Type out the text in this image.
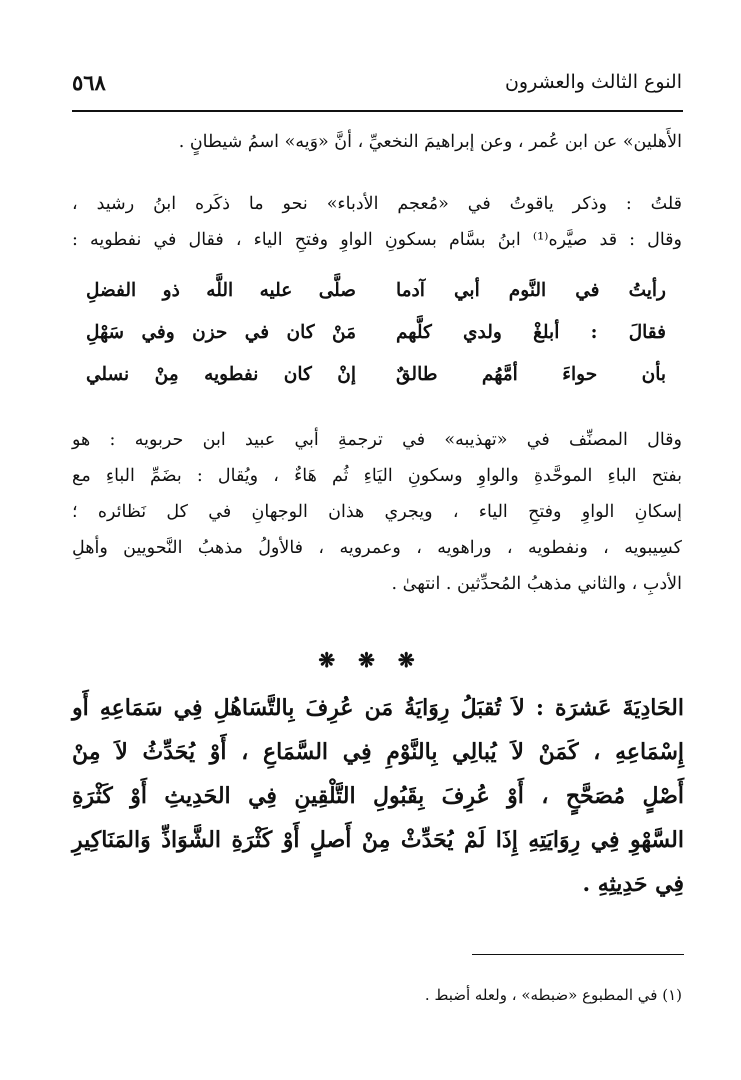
النوع الثالث والعشرون
٥٦٨
الأَهلين» عن ابن عُمر ، وعن إبراهيمَ النخعيِّ ، أنَّ «وَيه» اسمُ شيطانٍ .
قلتُ : وذكر ياقوتُ في «مُعجم الأدباء» نحو ما ذكَره ابنُ رشيد ،
وقال : قد صيَّره⁽¹⁾ ابنُ بسَّام بسكونِ الواوِ وفتحِ الياء ، فقال في نفطويه :
رأيتُ في النَّوم أبي آدما
صلَّى عليه اللَّه ذو الفضلِ
فقالَ : أبلغْ ولدي كلَّهم
مَنْ كان في حزن وفي سَهْلِ
بأن حواءَ أمَّهُم طالقٌ
إنْ كان نفطويه مِنْ نسلي
وقال المصنِّف في «تهذيبه» في ترجمةِ أبي عبيد ابن حربويه : هو
بفتح الباءِ الموحَّدةِ والواوِ وسكونِ اليَاءِ ثُم هَاءٌ ، ويُقال : بضَمِّ الباءِ مع
إسكانِ الواوِ وفتحِ الياء ، ويجري هذان الوجهانِ في كل نَظائره ؛
كسِيبويه ، ونفطويه ، وراهويه ، وعمرويه ، فالأولُ مذهبُ النَّحويين وأهلِ
الأدبِ ، والثاني مذهبُ المُحدِّثين . انتهىٰ .
❋ ❋ ❋
الحَادِيَةَ عَشرَة : لاَ تُقبَلُ رِوَايَةُ مَن عُرِفَ بِالتَّسَاهُلِ فِي سَمَاعِهِ أَو
إِسْمَاعِهِ ، كَمَنْ لاَ يُبالِي بِالنَّوْمِ فِي السَّمَاعِ ، أَوْ يُحَدِّثُ لاَ مِنْ
أَصْلٍ مُصَحَّحٍ ، أَوْ عُرِفَ بِقَبُولِ التَّلْقِينِ فِي الحَدِيثِ أَوْ كَثْرَةِ
السَّهْوِ فِي رِوَايَتِهِ إِذَا لَمْ يُحَدِّثْ مِنْ أَصلٍ أَوْ كَثْرَةِ الشَّوَاذِّ وَالمَنَاكِيرِ
فِي حَدِيثِهِ .
(١) في المطبوع «ضبطه» ، ولعله أضبط .
